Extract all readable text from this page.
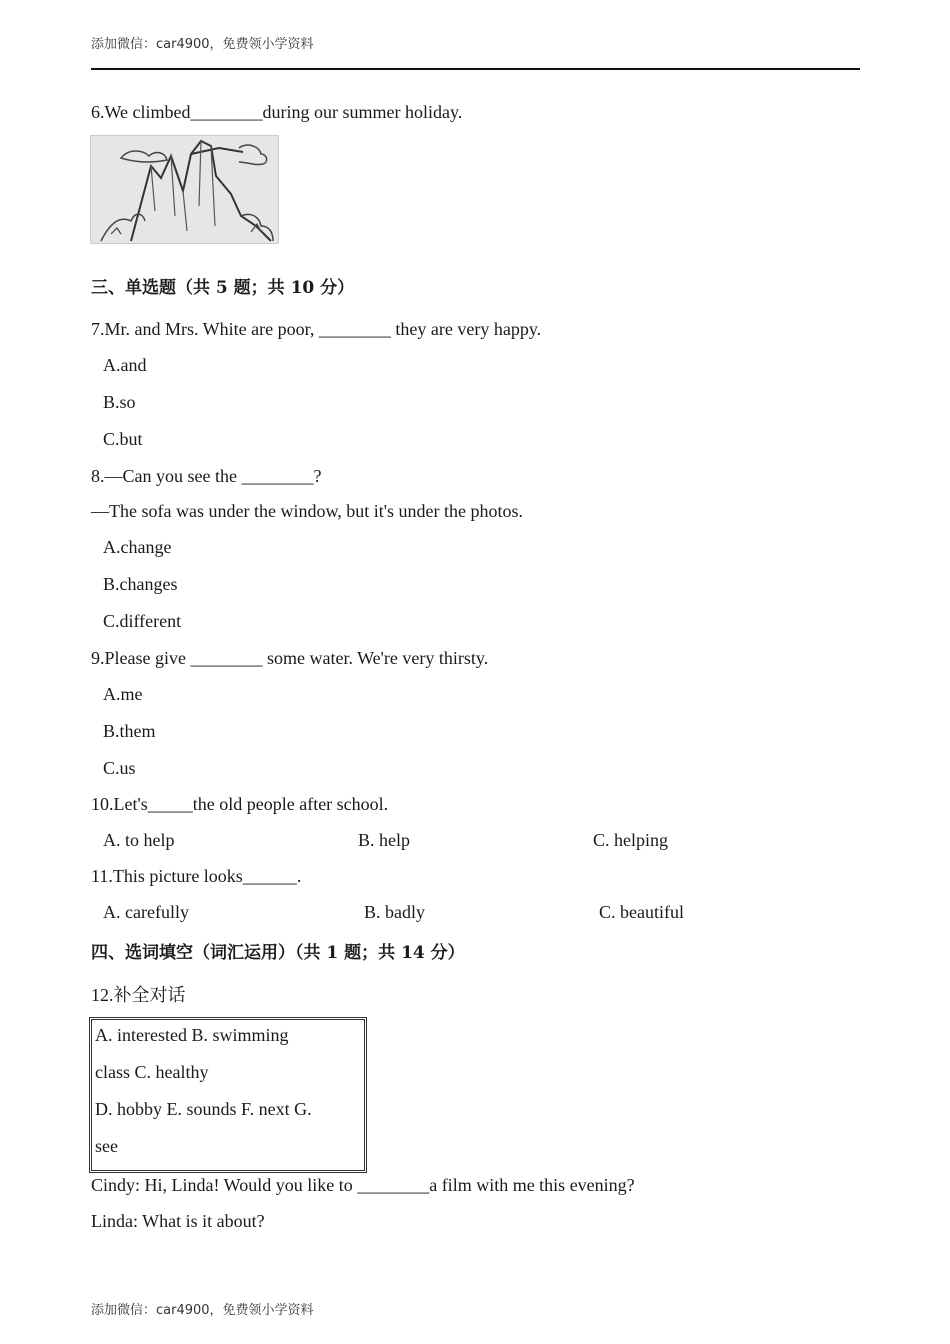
添加微信：car4900，免费领小学资料
6.We climbed________during our summer holiday.
三、单选题（共 5 题；共 10 分）
7.Mr. and Mrs. White are poor, ________ they are very happy.
A.and
B.so
C.but
8.—Can you see the ________?
—The sofa was under the window, but it's under the photos.
A.change
B.changes
C.different
9.Please give ________ some water. We're very thirsty.
A.me
B.them
C.us
10.Let's_____the old people after school.
A. to help	B. help	C. helping
11.This picture looks______.
A. carefully	B. badly	C. beautiful
四、选词填空（词汇运用）（共 1 题；共 14 分）
12.补全对话
A. interested B. swimming
class C. healthy
D. hobby E. sounds F. next G.
see
Cindy: Hi, Linda! Would you like to ________a film with me this evening?
Linda: What is it about?
添加微信：car4900，免费领小学资料
